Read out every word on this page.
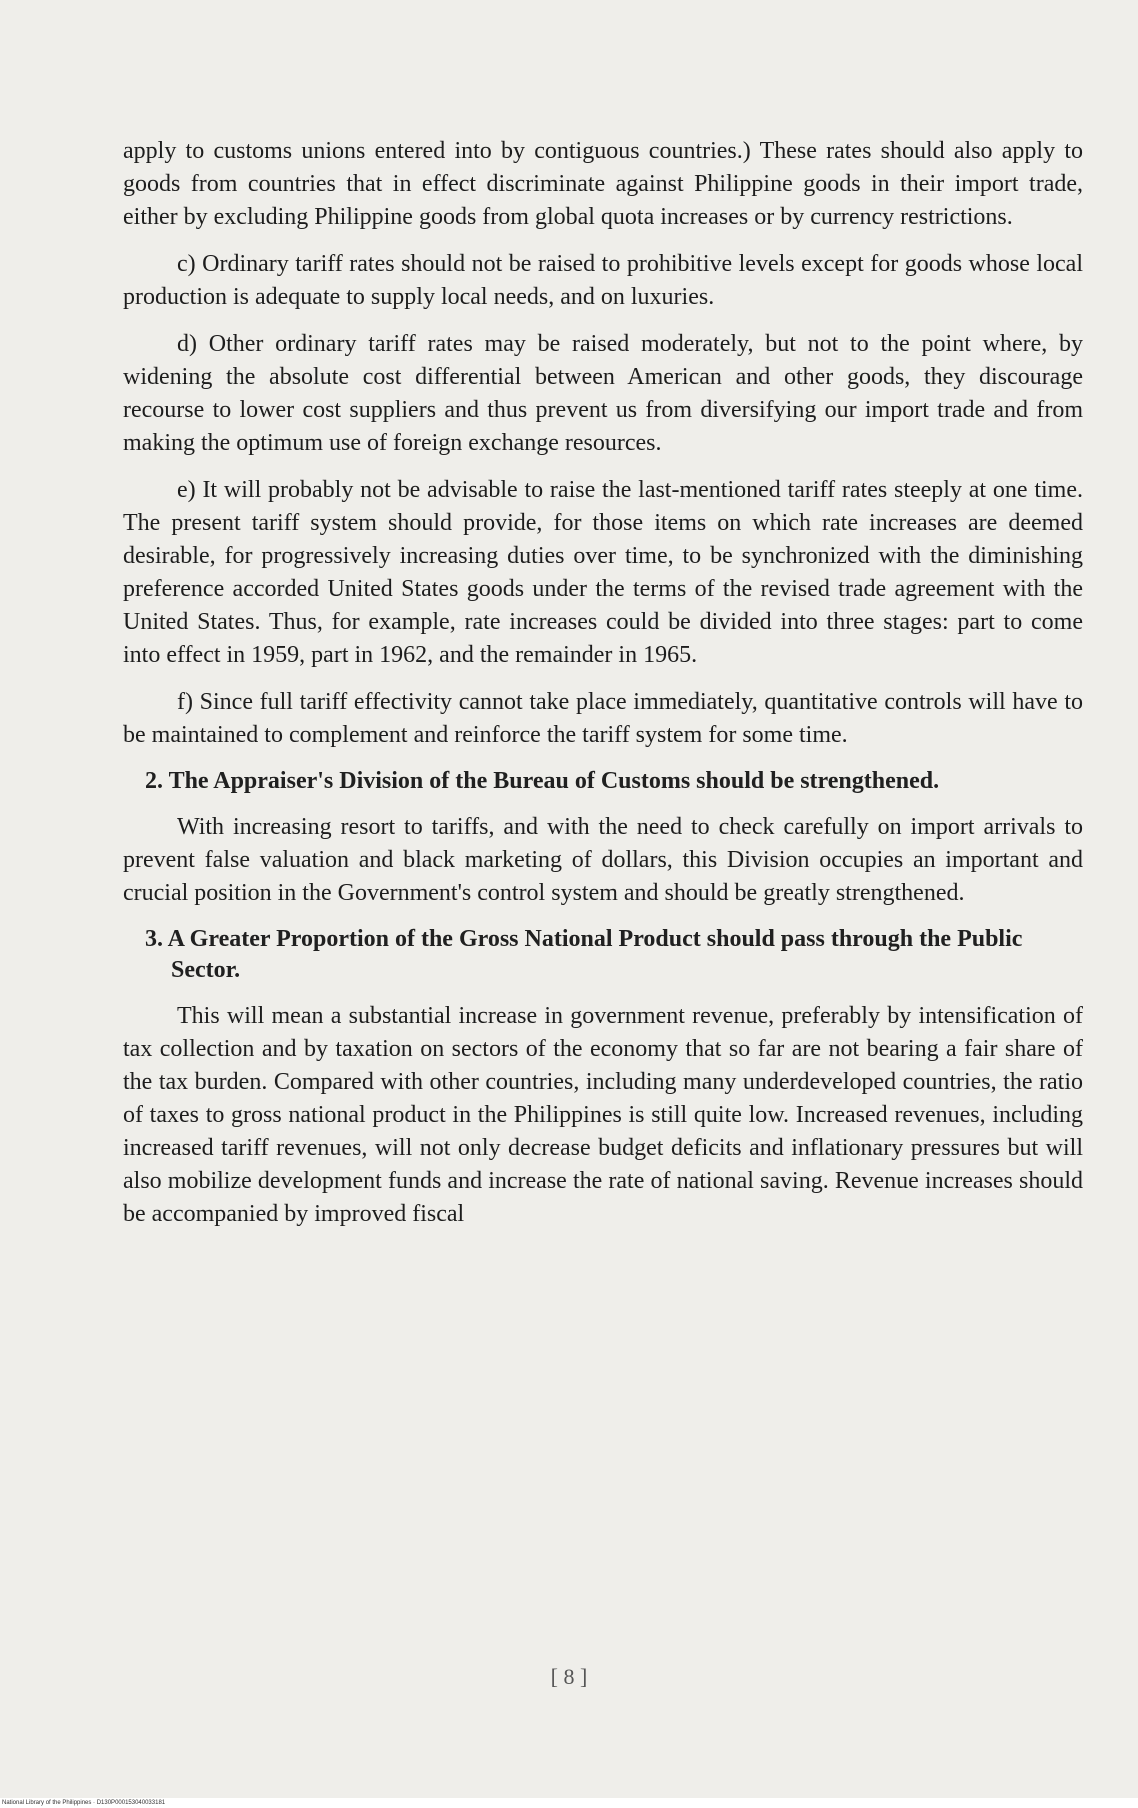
apply to customs unions entered into by contiguous countries.) These rates should also apply to goods from countries that in effect discriminate against Philippine goods in their import trade, either by excluding Philippine goods from global quota increases or by currency restrictions.

c) Ordinary tariff rates should not be raised to prohibitive levels except for goods whose local production is adequate to supply local needs, and on luxuries.

d) Other ordinary tariff rates may be raised moderately, but not to the point where, by widening the absolute cost differential between American and other goods, they discourage recourse to lower cost suppliers and thus prevent us from diversifying our import trade and from making the optimum use of foreign exchange resources.

e) It will probably not be advisable to raise the last-mentioned tariff rates steeply at one time. The present tariff system should provide, for those items on which rate increases are deemed desirable, for progressively increasing duties over time, to be synchronized with the diminishing preference accorded United States goods under the terms of the revised trade agreement with the United States. Thus, for example, rate increases could be divided into three stages: part to come into effect in 1959, part in 1962, and the remainder in 1965.

f) Since full tariff effectivity cannot take place immediately, quantitative controls will have to be maintained to complement and reinforce the tariff system for some time.

2. The Appraiser's Division of the Bureau of Customs should be strengthened.

With increasing resort to tariffs, and with the need to check carefully on import arrivals to prevent false valuation and black marketing of dollars, this Division occupies an important and crucial position in the Government's control system and should be greatly strengthened.

3. A Greater Proportion of the Gross National Product should pass through the Public Sector.

This will mean a substantial increase in government revenue, preferably by intensification of tax collection and by taxation on sectors of the economy that so far are not bearing a fair share of the tax burden. Compared with other countries, including many underdeveloped countries, the ratio of taxes to gross national product in the Philippines is still quite low. Increased revenues, including increased tariff revenues, will not only decrease budget deficits and inflationary pressures but will also mobilize development funds and increase the rate of national saving. Revenue increases should be accompanied by improved fiscal

[ 8 ]
National Library of the Philippines · D130P000153040033181
